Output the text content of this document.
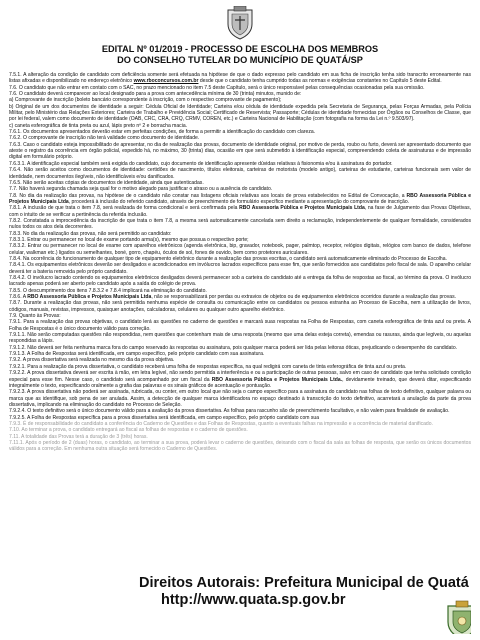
EDITAL Nº 01/2019 - PROCESSO DE ESCOLHA DOS MEMBROS
DO CONSELHO TUTELAR DO MUNICÍPIO DE QUATÁ/SP

7.5.1. A alteração da condição de candidato com deficiência somente será efetuada na hipótese de que o dado expresso pelo candidato em sua ficha de inscrição tenha sido transcrito erroneamente nas listas afixadas e disponibilizado no endereço eletrônico www.rboconcursos.com.br desde que o candidato tenha cumprido todas as normas e exigências constantes no Capítulo 5 deste Edital.

7.6. O candidato que não entrar em contato com o SAC, no prazo mencionado no item 7.5 deste Capítulo, será o único responsável pelas consequências ocasionadas pela sua omissão.

7.6. O candidato deverá comparecer ao local designado para a prova com antecedência mínima de 30 (trinta) minutos, munido de:

a) Comprovante de inscrição (boleto bancário correspondente à inscrição, com o respectivo comprovante de pagamento);

b) Original de um dos documentos de identidade a seguir: Cédula Oficial de Identidade; Carteira e/ou cédula de identidade expedida pela Secretaria de Segurança, pelas Forças Armadas, pela Polícia Militar, pelo Ministério das Relações Exteriores; Carteira de Trabalho e Previdência Social; Certificado de Reservista; Passaporte; Cédulas de identidade fornecidas por Órgãos ou Conselhos de Classe, que por lei federal, valem como documento de identidade (OAB, CRC, CRA, CRQ, CRMV, COREN, etc.) e Carteira Nacional de Habilitação (com fotografia na forma da Lei n.º 9.503/97).

c) caneta esferográfica de tinta preta ou azul, lápis preto nº 2 e borracha macia.

7.6.1. Os documentos apresentados deverão estar em perfeitas condições, de forma a permitir a identificação do candidato com clareza.

7.6.2. O comprovante de inscrição não terá validade como documento de identidade.

7.6.3. Caso o candidato esteja impossibilitado de apresentar, no dia de realização das provas, documento de identidade original, por motivo de perda, roubo ou furto, deverá ser apresentado documento que ateste o registro da ocorrência em órgão policial, expedido há, no máximo, 30 (trinta) dias, ocasião em que será submetido à identificação especial, compreendendo coleta de assinaturas e de impressão digital em formulário próprio.

7.6.3.1. A identificação especial também será exigida do candidato, cujo documento de identificação apresente dúvidas relativas à fisionomia e/ou à assinatura do portador.

7.6.4. Não serão aceitos como documentos de identidade: certidões de nascimento, títulos eleitorais, carteiras de motorista (modelo antigo), carteiras de estudante, carteiras funcionais sem valor de identidade, nem documentos ilegíveis, não identificáveis e/ou danificados.

7.6.5. Não serão aceitas cópias de documentos de identidade, ainda que autenticadas.

7.7. Não haverá segunda chamada seja qual for o motivo alegado para justificar o atraso ou a ausência do candidato.

7.8. No dia da realização das provas, na hipótese de o candidato não constar nas listagens oficiais relativas aos locais de prova estabelecidos no Edital de Convocação, a RBO Assessoria Pública e Projetos Municipais Ltda, procederá à inclusão do referido candidato, através de preenchimento de formulário específico mediante a apresentação do comprovante de inscrição.

7.8.1. A inclusão de que trata o item 7.8, será realizada de forma condicional e será confirmada pela RBO Assessoria Pública e Projetos Municipais Ltda, na fase de Julgamento das Provas Objetivas, com o intuito de se verificar a pertinência da referida inclusão.

7.8.2. Constatada a improcedência da inscrição de que trata o item 7.8, a mesma será automaticamente cancelada sem direito a reclamação, independentemente de qualquer formalidade, considerados nulos todos os atos dela decorrentes.

7.8.3. No dia da realização das provas, não será permitido ao candidato:

7.8.3.1. Entrar ou permanecer no local de exame portando arma(s), mesmo que possua o respectivo porte;

7.8.3.2. Entrar ou permanecer no local de exame com aparelhos eletrônicos (agenda eletrônica, bip, gravador, notebook, pager, palmtop, receptor, relógios digitais, relógios com banco de dados, telefone celular, walkman etc.) ligados ou semelhantes, boné, gorro, chapéu, óculos de sol, fones de ouvido, bem como protetores auriculares.

7.8.4. Na ocorrência do funcionamento de qualquer tipo de equipamento eletrônico durante a realização das provas escritas, o candidato será automaticamente eliminado do Processo de Escolha.

7.8.4.1. Os equipamentos eletrônicos deverão ser desligados e acondicionados em invólucros lacrados específicos para esse fim, que serão fornecidos aos candidatos pelo fiscal de sala. O aparelho celular deverá ter a bateria removida pelo próprio candidato.

7.8.4.2. O invólucro lacrado contendo os equipamentos eletrônicos desligados deverá permanecer sob a carteira do candidato até a entrega da folha de respostas ao fiscal, ao término da prova. O invólucro lacrado apenas poderá ser aberto pelo candidato após a saída do colégio de prova.

7.8.5. O descumprimento dos itens 7.8.3.2 e 7.8.4 implicará na eliminação do candidato.

7.8.6. A RBO Assessoria Pública e Projetos Municipais Ltda, não se responsabilizará por perdas ou extravios de objetos ou de equipamentos eletrônicos ocorridos durante a realização das provas.

7.8.7. Durante a realização das provas, não será permitida nenhuma espécie de consulta ou comunicação entre os candidatos ou pessoa estranha ao Processo de Escolha, nem a utilização de livros, códigos, manuais, revistas, impressos, quaisquer anotações, calculadoras, celulares ou qualquer outro aparelho eletrônico.

7.9. Quanto às Provas:

7.9.1. Para a realização das provas objetivas, o candidato lerá as questões no caderno de questões e marcará suas respostas na Folha de Respostas, com caneta esferográfica de tinta azul ou preta. A Folha de Respostas é o único documento válido para correção.

7.9.1.1. Não serão computadas questões não respondidas, nem questões que contenham mais de uma resposta (mesmo que uma delas esteja correta), emendas ou rasuras, ainda que legíveis, ou aquelas respondidas a lápis.

7.9.1.2. Não deverá ser feita nenhuma marca fora do campo reservado às respostas ou assinatura, pois qualquer marca poderá ser lida pelas leitoras óticas, prejudicando o desempenho do candidato.

7.9.1.3. A Folha de Respostas será identificada, em campo específico, pelo próprio candidato com sua assinatura.

7.9.2. A prova dissertativa será realizada no mesmo dia da prova objetiva.

7.9.2.1. Para a realização da prova dissertativa, o candidato receberá uma folha de respostas específica, na qual redigirá com caneta de tinta esferográfica de tinta azul ou preta.

7.9.2.2. A prova dissertativa deverá ser escrita à mão, em letra legível, não sendo permitida a interferência e ou a participação de outras pessoas, salvo em caso de candidato que tenha solicitado condição especial para esse fim. Nesse caso, o candidato será acompanhado por um fiscal da RBO Assessoria Pública e Projetos Municipais Ltda., devidamente treinado, que deverá ditar, especificando integralmente o texto, especificando oralmente a grafia das palavras e os sinais gráficos de acentuação e pontuação.

7.9.2.3. A prova dissertativa não poderá ser assinada, rubricada, ou conter, em outro local que não seja o campo específico para a assinatura do candidato nas folhas de texto definitivo, qualquer palavra ou marca que as identifique, sob pena de ser anulada. Assim, a detecção de qualquer marca identificadora no espaço destinado à transcrição do texto definitivo, acarretará a anulação da parte da prova dissertativa, implicando na eliminação do candidato no Processo de Seleção.

7.9.2.4. O texto definitivo será o único documento válido para a avaliação da prova dissertativa. As folhas para rascunho são de preenchimento facultativo, e não valem para finalidade de avaliação.

7.9.2.5. A Folha de Respostas específica para a prova dissertativa será identificada, em campo específico, pelo próprio candidato com sua

7.9.3. É de responsabilidade do candidato a conferência do Caderno de Questões e das Folhas de Respostas, quanto a eventuais falhas na impressão e a ocorrência de material danificado.

7.10. Ao terminar a prova, o candidato entregará ao fiscal as folhas de respostas e o caderno de questões.

7.11. A totalidade das Provas terá a duração de 3 (três) horas.

7.11.1. Após o período de 2 (duas) horas, o candidato, ao terminar a sua prova, poderá levar o caderno de questões, deixando com o fiscal da sala as folhas de resposta, que serão os únicos documentos válidos para a correção. Em nenhuma outra situação será fornecido o Caderno de Questões.

Direitos Autorais: Prefeitura Municipal de Quatá
http://www.quata.sp.gov.br
